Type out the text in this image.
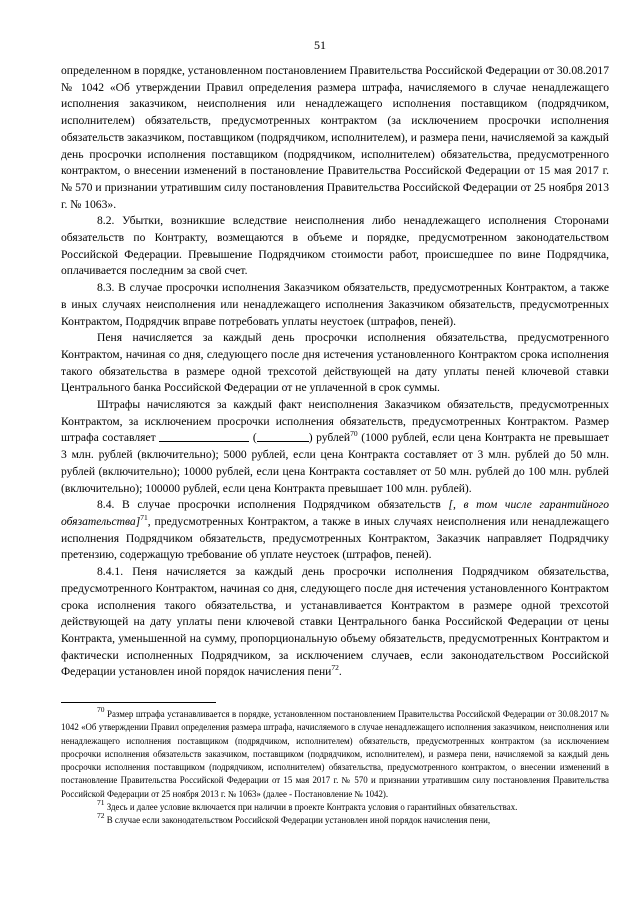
51

определенном в порядке, установленном постановлением Правительства Российской Федерации от 30.08.2017 № 1042 «Об утверждении Правил определения размера штрафа, начисляемого в случае ненадлежащего исполнения заказчиком, неисполнения или ненадлежащего исполнения поставщиком (подрядчиком, исполнителем) обязательств, предусмотренных контрактом (за исключением просрочки исполнения обязательств заказчиком, поставщиком (подрядчиком, исполнителем), и размера пени, начисляемой за каждый день просрочки исполнения поставщиком (подрядчиком, исполнителем) обязательства, предусмотренного контрактом, о внесении изменений в постановление Правительства Российской Федерации от 15 мая 2017 г. № 570 и признании утратившим силу постановления Правительства Российской Федерации от 25 ноября 2013 г. № 1063».

8.2. Убытки, возникшие вследствие неисполнения либо ненадлежащего исполнения Сторонами обязательств по Контракту, возмещаются в объеме и порядке, предусмотренном законодательством Российской Федерации. Превышение Подрядчиком стоимости работ, происшедшее по вине Подрядчика, оплачивается последним за свой счет.

8.3. В случае просрочки исполнения Заказчиком обязательств, предусмотренных Контрактом, а также в иных случаях неисполнения или ненадлежащего исполнения Заказчиком обязательств, предусмотренных Контрактом, Подрядчик вправе потребовать уплаты неустоек (штрафов, пеней).

Пеня начисляется за каждый день просрочки исполнения обязательства, предусмотренного Контрактом, начиная со дня, следующего после дня истечения установленного Контрактом срока исполнения такого обязательства в размере одной трехсотой действующей на дату уплаты пеней ключевой ставки Центрального банка Российской Федерации от не уплаченной в срок суммы.

Штрафы начисляются за каждый факт неисполнения Заказчиком обязательств, предусмотренных Контрактом, за исключением просрочки исполнения обязательств, предусмотренных Контрактом. Размер штрафа составляет	(	) рублей$^{70}$ (1000 рублей, если цена Контракта не превышает 3 млн. рублей (включительно); 5000 рублей, если цена Контракта составляет от 3 млн. рублей до 50 млн. рублей (включительно); 10000 рублей, если цена Контракта составляет от 50 млн. рублей до 100 млн. рублей (включительно); 100000 рублей, если цена Контракта превышает 100 млн. рублей).

8.4. В случае просрочки исполнения Подрядчиком обязательств [, в том числе гарантийного обязательства]$^{71}$, предусмотренных Контрактом, а также в иных случаях неисполнения или ненадлежащего исполнения Подрядчиком обязательств, предусмотренных Контрактом, Заказчик направляет Подрядчику претензию, содержащую требование об уплате неустоек (штрафов, пеней).

8.4.1. Пеня начисляется за каждый день просрочки исполнения Подрядчиком обязательства, предусмотренного Контрактом, начиная со дня, следующего после дня истечения установленного Контрактом срока исполнения такого обязательства, и устанавливается Контрактом в размере одной трехсотой действующей на дату уплаты пени ключевой ставки Центрального банка Российской Федерации от цены Контракта, уменьшенной на сумму, пропорциональную объему обязательств, предусмотренных Контрактом и фактически исполненных Подрядчиком, за исключением случаев, если законодательством Российской Федерации установлен иной порядок начисления пени$^{72}$.

$^{70}$ Размер штрафа устанавливается в порядке, установленном постановлением Правительства Российской Федерации от 30.08.2017 № 1042 «Об утверждении Правил определения размера штрафа, начисляемого в случае ненадлежащего исполнения заказчиком, неисполнения или ненадлежащего исполнения поставщиком (подрядчиком, исполнителем) обязательств, предусмотренных контрактом (за исключением просрочки исполнения обязательств заказчиком, поставщиком (подрядчиком, исполнителем), и размера пени, начисляемой за каждый день просрочки исполнения поставщиком (подрядчиком, исполнителем) обязательства, предусмотренного контрактом, о внесении изменений в постановление Правительства Российской Федерации от 15 мая 2017 г. № 570 и признании утратившим силу постановления Правительства Российской Федерации от 25 ноября 2013 г. № 1063» (далее - Постановление № 1042).

$^{71}$ Здесь и далее условие включается при наличии в проекте Контракта условия о гарантийных обязательствах.

$^{72}$ В случае если законодательством Российской Федерации установлен иной порядок начисления пени,
